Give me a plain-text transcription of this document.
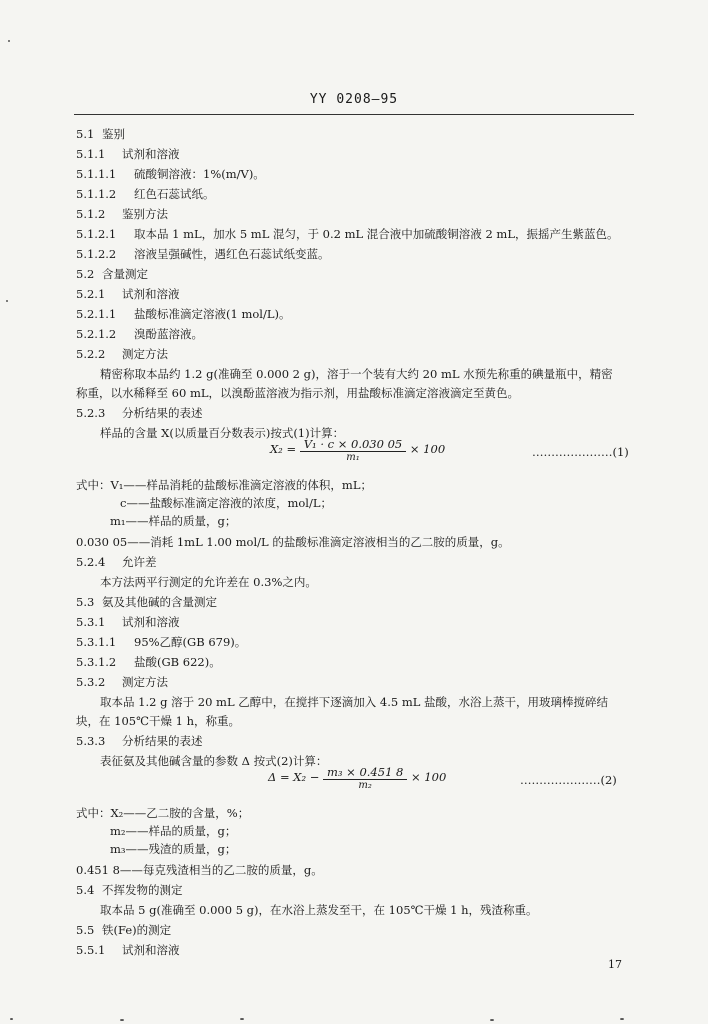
YY 0208—95
5.1 鉴别
5.1.1 试剂和溶液
5.1.1.1 硫酸铜溶液：1%(m/V)。
5.1.1.2 红色石蕊试纸。
5.1.2 鉴别方法
5.1.2.1 取本品 1 mL，加水 5 mL 混匀，于 0.2 mL 混合液中加硫酸铜溶液 2 mL，振摇产生紫蓝色。
5.1.2.2 溶液呈强碱性，遇红色石蕊试纸变蓝。
5.2 含量测定
5.2.1 试剂和溶液
5.2.1.1 盐酸标准滴定溶液(1 mol/L)。
5.2.1.2 溴酚蓝溶液。
5.2.2 测定方法
精密称取本品约 1.2 g(准确至 0.000 2 g)，溶于一个装有大约 20 mL 水预先称重的碘量瓶中，精密
称重，以水稀释至 60 mL，以溴酚蓝溶液为指示剂，用盐酸标准滴定溶液滴定至黄色。
5.2.3 分析结果的表述
样品的含量 X(以质量百分数表示)按式(1)计算：
式中：V₁——样品消耗的盐酸标准滴定溶液的体积，mL；
c——盐酸标准滴定溶液的浓度，mol/L；
m₁——样品的质量，g；
0.030 05——消耗 1mL 1.00 mol/L 的盐酸标准滴定溶液相当的乙二胺的质量，g。
5.2.4 允许差
本方法两平行测定的允许差在 0.3%之内。
5.3 氨及其他碱的含量测定
5.3.1 试剂和溶液
5.3.1.1 95%乙醇(GB 679)。
5.3.1.2 盐酸(GB 622)。
5.3.2 测定方法
取本品 1.2 g 溶于 20 mL 乙醇中，在搅拌下逐滴加入 4.5 mL 盐酸，水浴上蒸干，用玻璃棒搅碎结
块，在 105℃干燥 1 h，称重。
5.3.3 分析结果的表述
表征氨及其他碱含量的参数 Δ 按式(2)计算：
式中：X₂——乙二胺的含量，%；
m₂——样品的质量，g；
m₃——残渣的质量，g；
0.451 8——每克残渣相当的乙二胺的质量，g。
5.4 不挥发物的测定
取本品 5 g(准确至 0.000 5 g)，在水浴上蒸发至干，在 105℃干燥 1 h，残渣称重。
5.5 铁(Fe)的测定
5.5.1 试剂和溶液
$X_2 = \frac{\text{V₁ · c × 0.030 05}}{\text{m₁}} \times 100$	…………………(1)
$\Delta = X_2 - \frac{\text{m₃ × 0.451 8}}{\text{m₂}} \times 100$	…………………(2)
17
